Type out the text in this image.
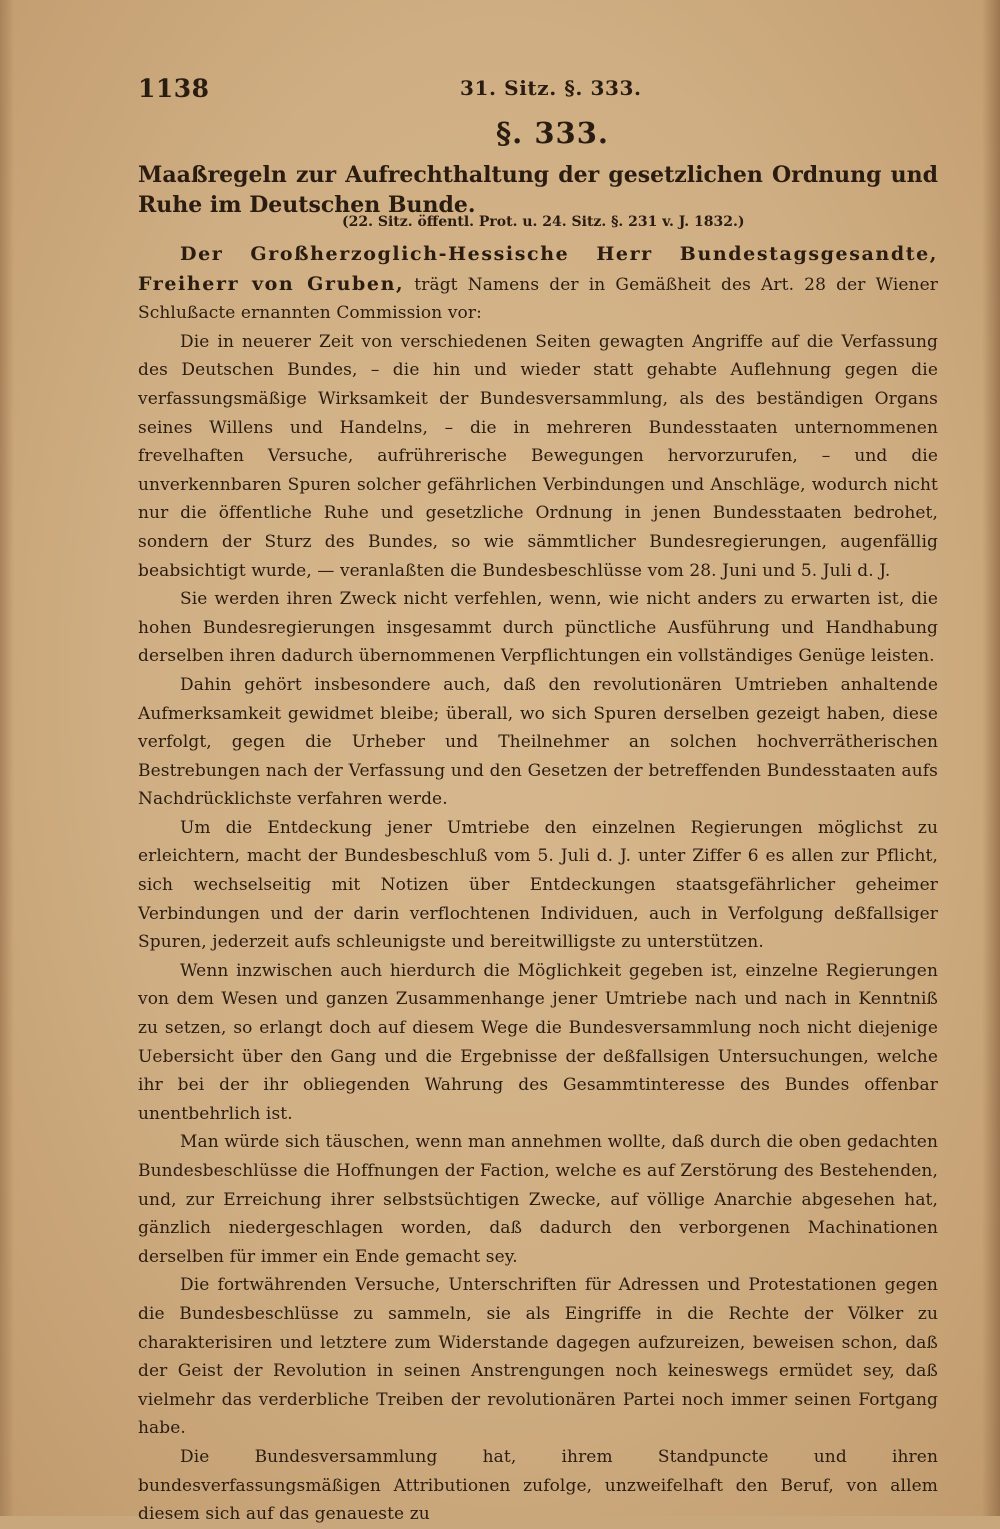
1138	31. Sitz. §. 333.
§. 333.
Maaßregeln zur Aufrechthaltung der gesetzlichen Ordnung und Ruhe im Deutschen Bunde.
(22. Sitz. öffentl. Prot. u. 24. Sitz. §. 231 v. J. 1832.)

Der Großherzoglich-Hessische Herr Bundestagsgesandte, Freiherr von Gruben, trägt Namens der in Gemäßheit des Art. 28 der Wiener Schlußacte ernannten Commission vor:

Die in neuerer Zeit von verschiedenen Seiten gewagten Angriffe auf die Verfassung des Deutschen Bundes, – die hin und wieder statt gehabte Auflehnung gegen die verfassungsmäßige Wirksamkeit der Bundesversammlung, als des beständigen Organs seines Willens und Handelns, – die in mehreren Bundesstaaten unternommenen frevelhaften Versuche, aufrührerische Bewegungen hervorzurufen, – und die unverkennbaren Spuren solcher gefährlichen Verbindungen und Anschläge, wodurch nicht nur die öffentliche Ruhe und gesetzliche Ordnung in jenen Bundesstaaten bedrohet, sondern der Sturz des Bundes, so wie sämmtlicher Bundesregierungen, augenfällig beabsichtigt wurde, — veranlaßten die Bundesbeschlüsse vom 28. Juni und 5. Juli d. J.

Sie werden ihren Zweck nicht verfehlen, wenn, wie nicht anders zu erwarten ist, die hohen Bundesregierungen insgesammt durch pünctliche Ausführung und Handhabung derselben ihren dadurch übernommenen Verpflichtungen ein vollständiges Genüge leisten.

Dahin gehört insbesondere auch, daß den revolutionären Umtrieben anhaltende Aufmerksamkeit gewidmet bleibe; überall, wo sich Spuren derselben gezeigt haben, diese verfolgt, gegen die Urheber und Theilnehmer an solchen hochverrätherischen Bestrebungen nach der Verfassung und den Gesetzen der betreffenden Bundesstaaten aufs Nachdrücklichste verfahren werde.

Um die Entdeckung jener Umtriebe den einzelnen Regierungen möglichst zu erleichtern, macht der Bundesbeschluß vom 5. Juli d. J. unter Ziffer 6 es allen zur Pflicht, sich wechselseitig mit Notizen über Entdeckungen staatsgefährlicher geheimer Verbindungen und der darin verflochtenen Individuen, auch in Verfolgung deßfallsiger Spuren, jederzeit aufs schleunigste und bereitwilligste zu unterstützen.

Wenn inzwischen auch hierdurch die Möglichkeit gegeben ist, einzelne Regierungen von dem Wesen und ganzen Zusammenhange jener Umtriebe nach und nach in Kenntniß zu setzen, so erlangt doch auf diesem Wege die Bundesversammlung noch nicht diejenige Uebersicht über den Gang und die Ergebnisse der deßfallsigen Untersuchungen, welche ihr bei der ihr obliegenden Wahrung des Gesammtinteresse des Bundes offenbar unentbehrlich ist.

Man würde sich täuschen, wenn man annehmen wollte, daß durch die oben gedachten Bundesbeschlüsse die Hoffnungen der Faction, welche es auf Zerstörung des Bestehenden, und, zur Erreichung ihrer selbstsüchtigen Zwecke, auf völlige Anarchie abgesehen hat, gänzlich niedergeschlagen worden, daß dadurch den verborgenen Machinationen derselben für immer ein Ende gemacht sey.

Die fortwährenden Versuche, Unterschriften für Adressen und Protestationen gegen die Bundesbeschlüsse zu sammeln, sie als Eingriffe in die Rechte der Völker zu charakterisiren und letztere zum Widerstande dagegen aufzureizen, beweisen schon, daß der Geist der Revolution in seinen Anstrengungen noch keineswegs ermüdet sey, daß vielmehr das verderbliche Treiben der revolutionären Partei noch immer seinen Fortgang habe.

Die Bundesversammlung hat, ihrem Standpuncte und ihren bundesverfassungsmäßigen Attributionen zufolge, unzweifelhaft den Beruf, von allem diesem sich auf das genaueste zu
